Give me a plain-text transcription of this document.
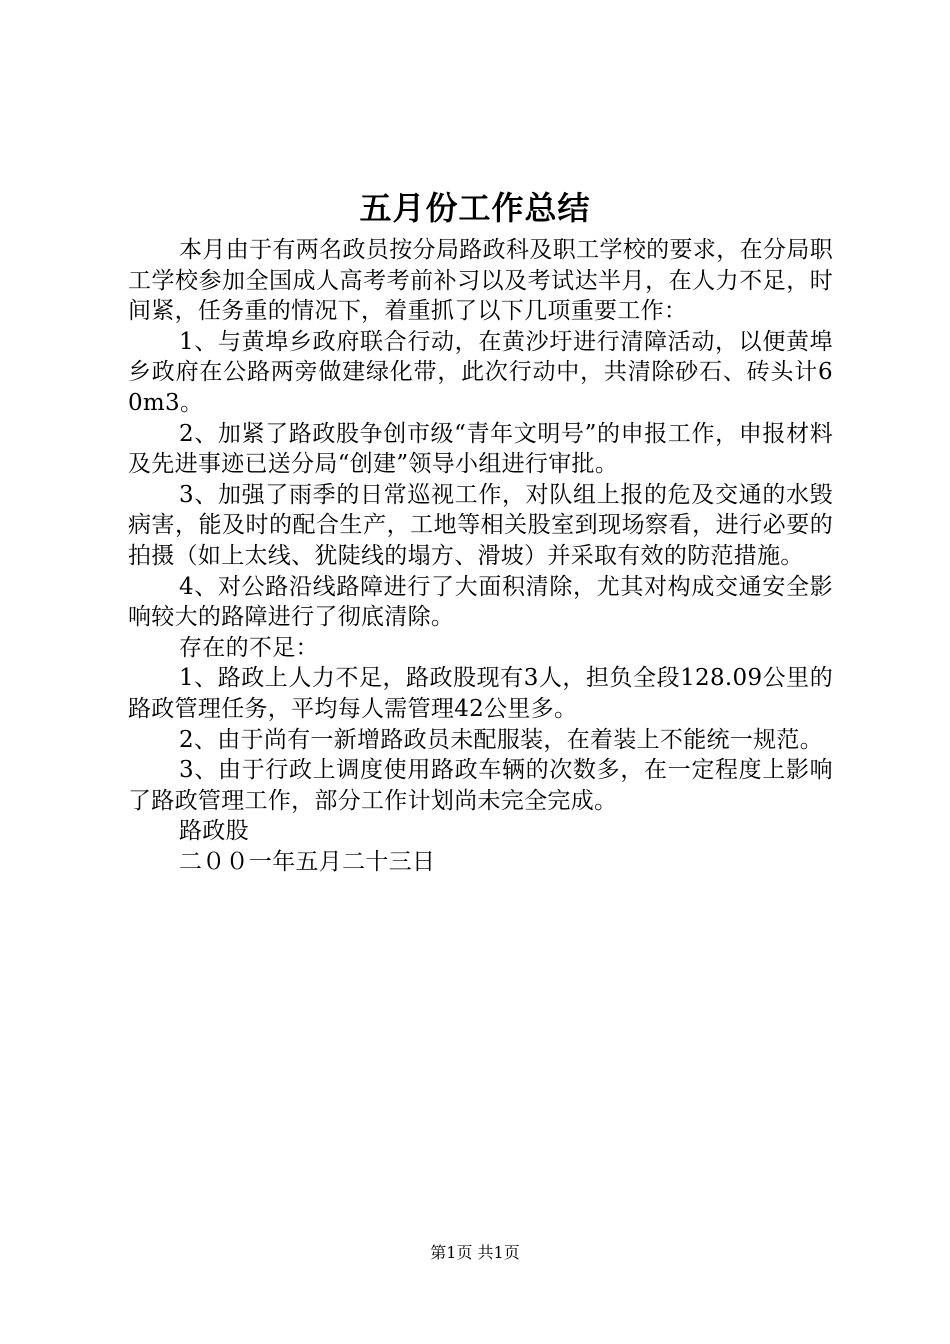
五月份工作总结

本月由于有两名政员按分局路政科及职工学校的要求，在分局职工学校参加全国成人高考考前补习以及考试达半月，在人力不足，时间紧，任务重的情况下，着重抓了以下几项重要工作：

1、与黄埠乡政府联合行动，在黄沙圩进行清障活动，以便黄埠乡政府在公路两旁做建绿化带，此次行动中，共清除砂石、砖头计60m3。

2、加紧了路政股争创市级“青年文明号”的申报工作，申报材料及先进事迹已送分局“创建”领导小组进行审批。

3、加强了雨季的日常巡视工作，对队组上报的危及交通的水毁病害，能及时的配合生产，工地等相关股室到现场察看，进行必要的拍摄（如上太线、犹陡线的塌方、滑坡）并采取有效的防范措施。

4、对公路沿线路障进行了大面积清除，尤其对构成交通安全影响较大的路障进行了彻底清除。

存在的不足：

1、路政上人力不足，路政股现有3人，担负全段128.09公里的路政管理任务，平均每人需管理42公里多。

2、由于尚有一新增路政员未配服装，在着装上不能统一规范。

3、由于行政上调度使用路政车辆的次数多，在一定程度上影响了路政管理工作，部分工作计划尚未完全完成。

路政股

二００一年五月二十三日

第1页 共1页
